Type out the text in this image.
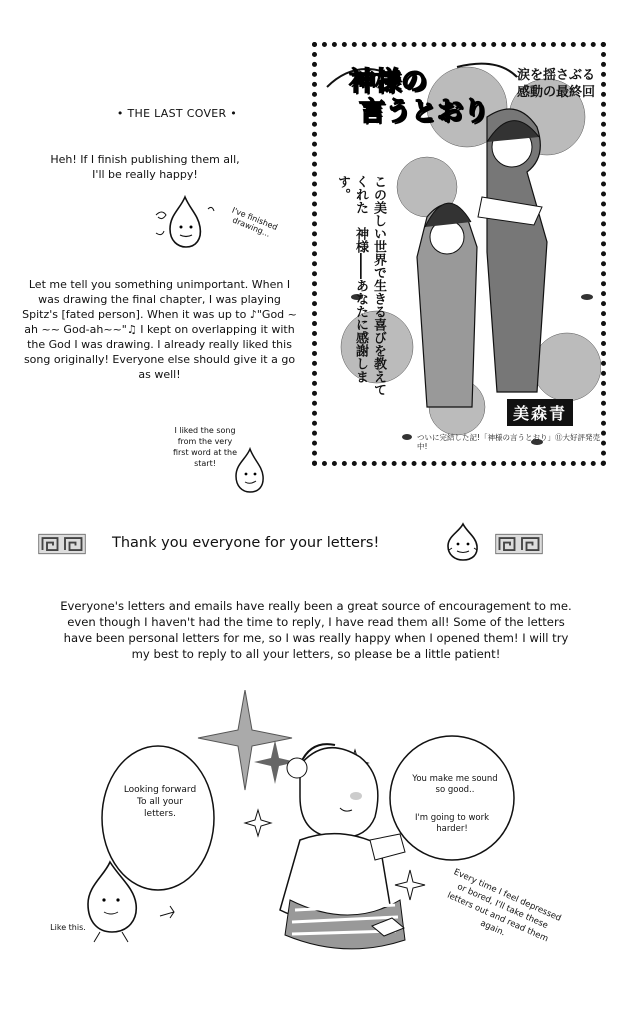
• THE LAST COVER •
Heh! If I finish publishing them all, I'll be really happy!
I've finished drawing...
Let me tell you something unimportant. When I was drawing the final chapter, I was playing Spitz's [fated person]. When it was up to ♪"God ~ ah ~~ God-ah~~"♫ I kept on overlapping it with the God I was drawing. I already really liked this song originally! Everyone else should give it a go as well!
I liked the song from the very first word at the start!
神様の
言うとおり
涙を揺さぶる
感動の最終回
この美しい世界で生きる喜びを教えてくれた　神様――あなたに感謝します。
美森青
ついに完結した記!「神様の言うとおり」⑪大好評発売中!
Thank you everyone for your letters!
Everyone's letters and emails have really been a great source of encouragement to me. even though I haven't had the time to reply, I have read them all! Some of the letters have been personal letters for me, so I was really happy when I opened them! I will try my best to reply to all your letters, so please be a little patient!
Looking forward To all your letters.
Like this.
You make me sound so good..
I'm going to work harder!
Every time I feel depressed or bored, I'll take these letters out and read them again.
